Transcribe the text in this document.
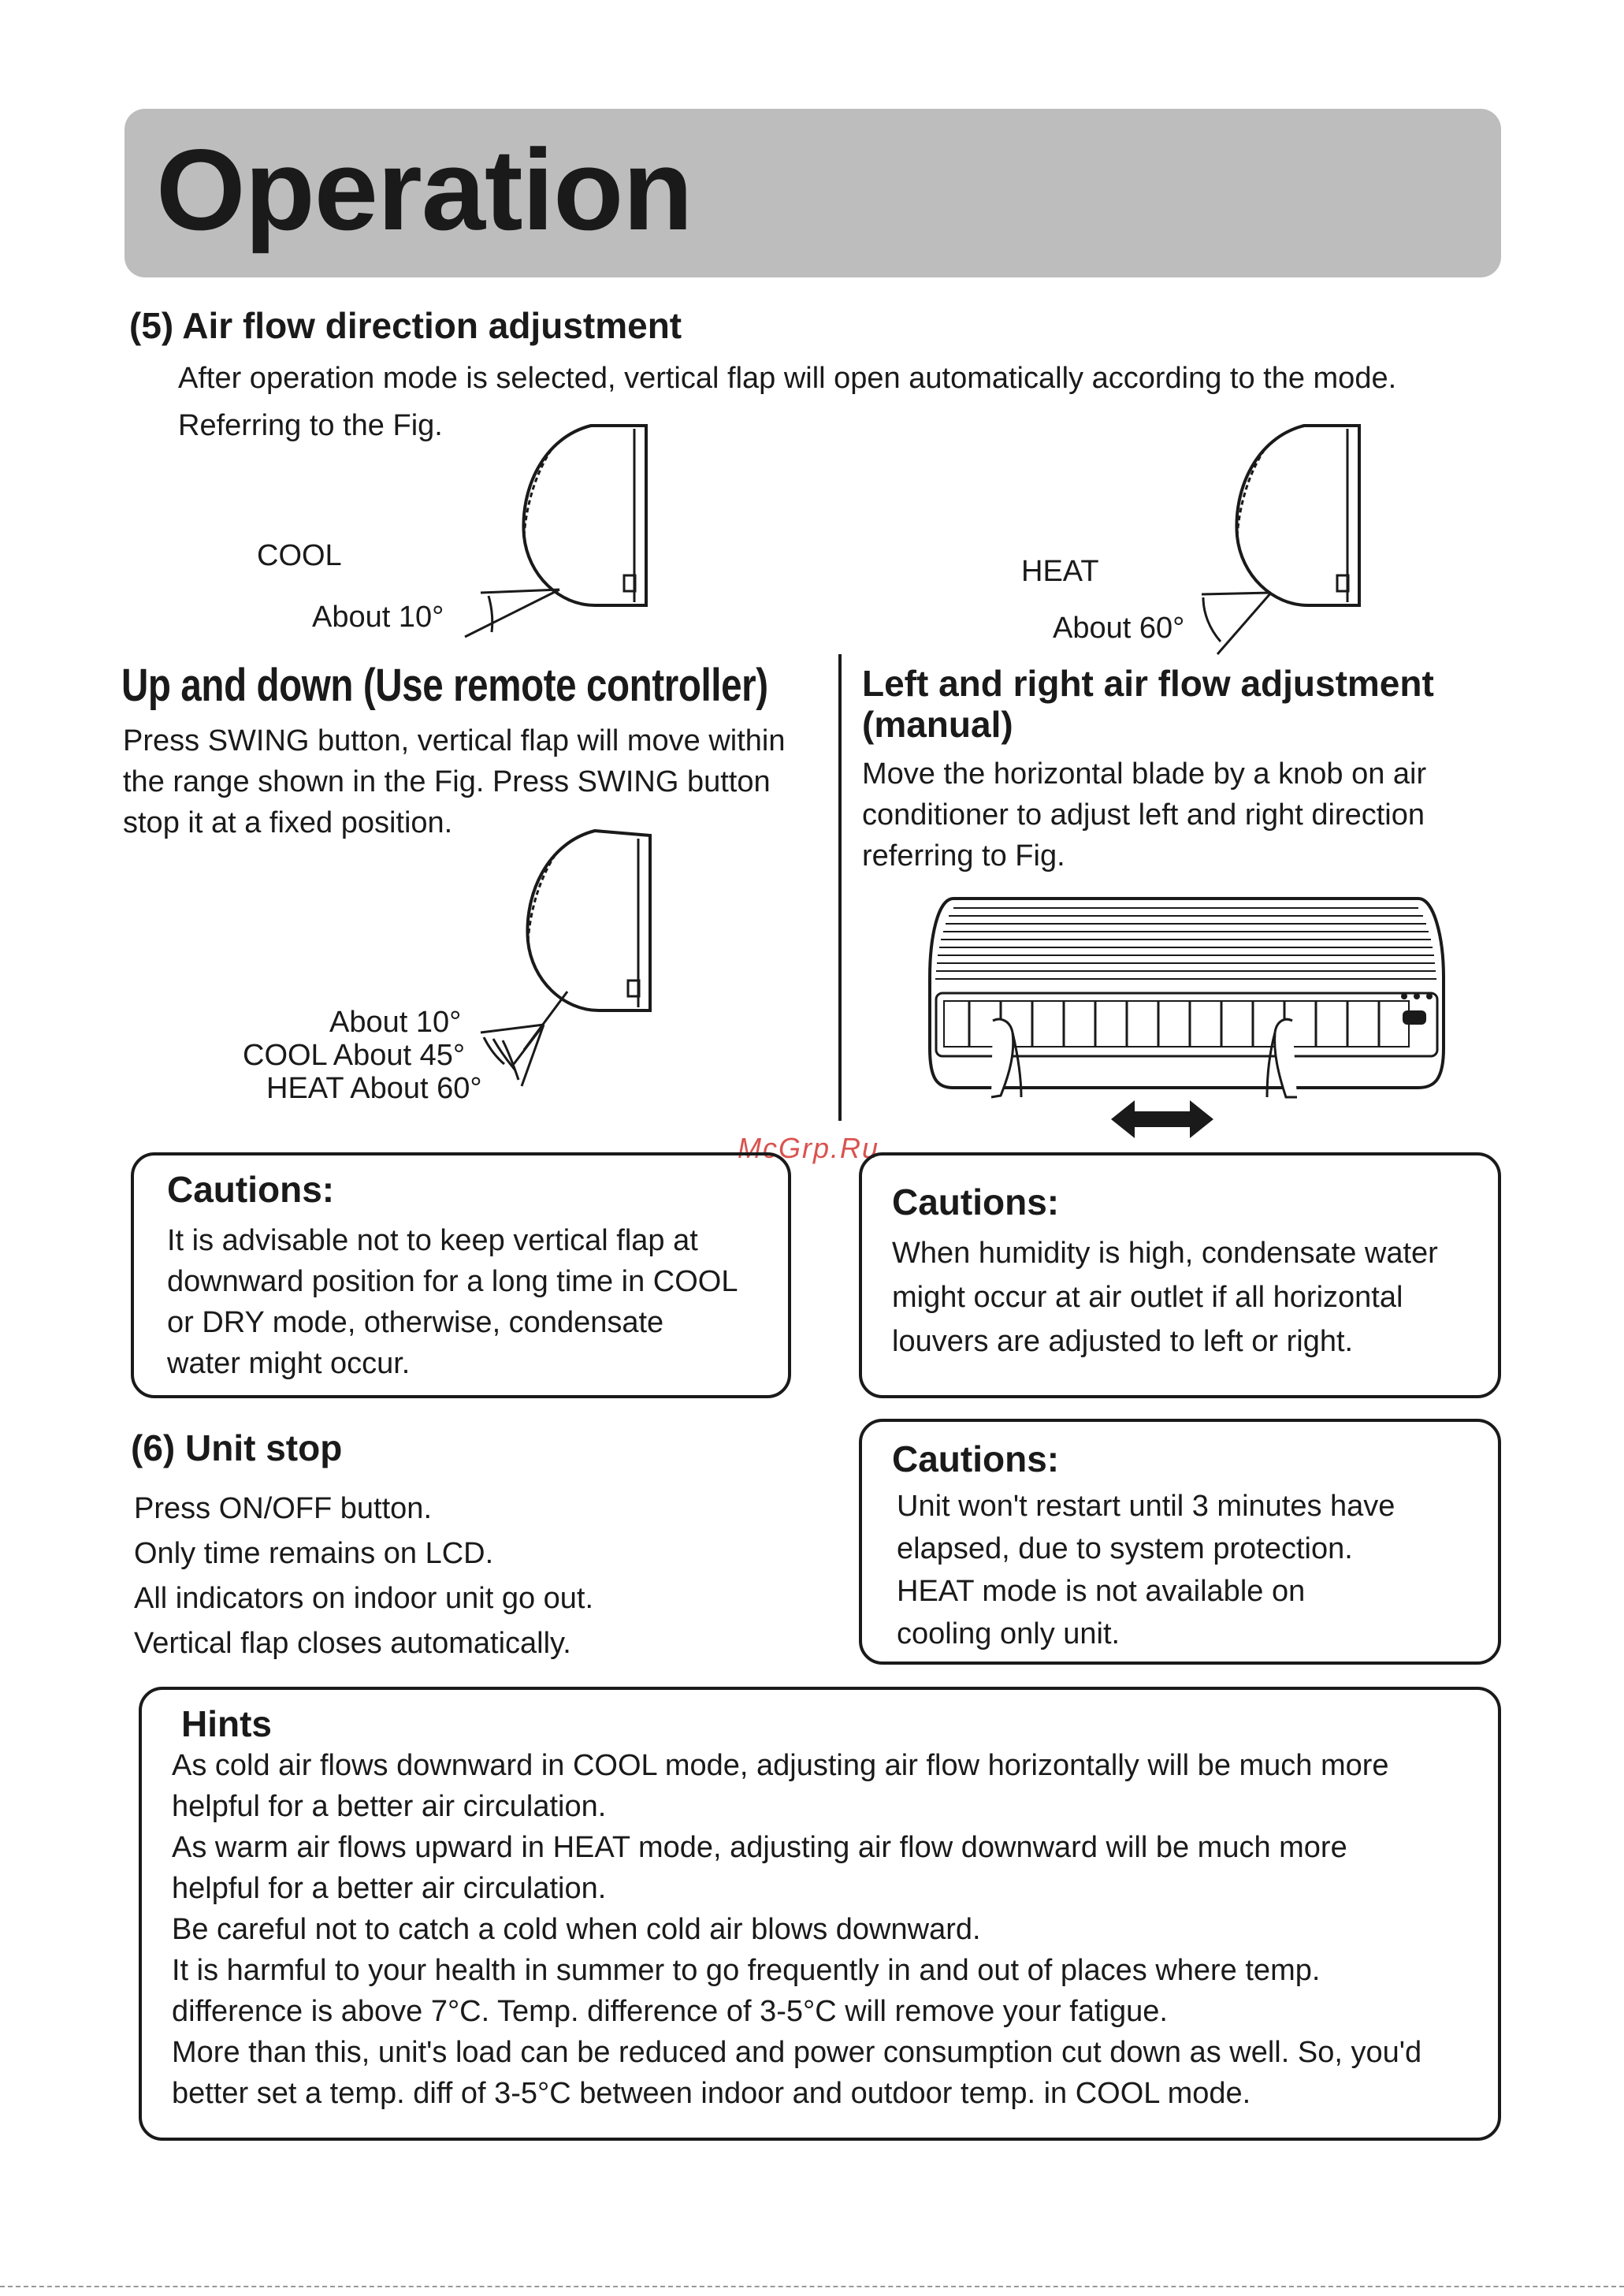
Operation
(5) Air flow direction adjustment
After operation mode is selected, vertical flap will open automatically according to the mode.
Referring to the Fig.
COOL
About 10°
HEAT
About 60°
Up and down (Use remote controller)
Press SWING button, vertical flap will move within
the range shown in the Fig. Press SWING button
stop it at a fixed position.
About 10°
COOL About 45°
HEAT About 60°
Left and right air flow adjustment
(manual)
Move the horizontal blade by a knob on air
conditioner to adjust left and right direction
referring to Fig.
McGrp.Ru
Cautions:
It is advisable not to keep vertical flap at
downward position for a long time in COOL
or DRY mode, otherwise, condensate
water might occur.
Cautions:
When humidity is high, condensate water
might occur at air outlet if all horizontal
louvers are adjusted to left or right.
(6) Unit stop
Press ON/OFF button.
Only time remains on LCD.
All indicators on indoor unit go out.
Vertical flap closes automatically.
Cautions:
Unit won't restart until 3 minutes have
elapsed, due to system protection.
HEAT mode is not available on
cooling only unit.
Hints
As cold air flows downward in COOL mode, adjusting air flow horizontally will be much more
helpful for a better air circulation.
As warm air flows upward in HEAT mode, adjusting air flow downward will be much more
helpful for a better air circulation.
Be careful not to catch a cold when cold air blows downward.
It is harmful to your health in summer to go frequently in and out of places where temp.
difference is above 7°C. Temp. difference of 3-5°C will remove your fatigue.
More than this, unit's load can be reduced and power consumption cut down as well. So, you'd
better set a temp. diff of 3-5°C between indoor and outdoor temp. in COOL mode.
